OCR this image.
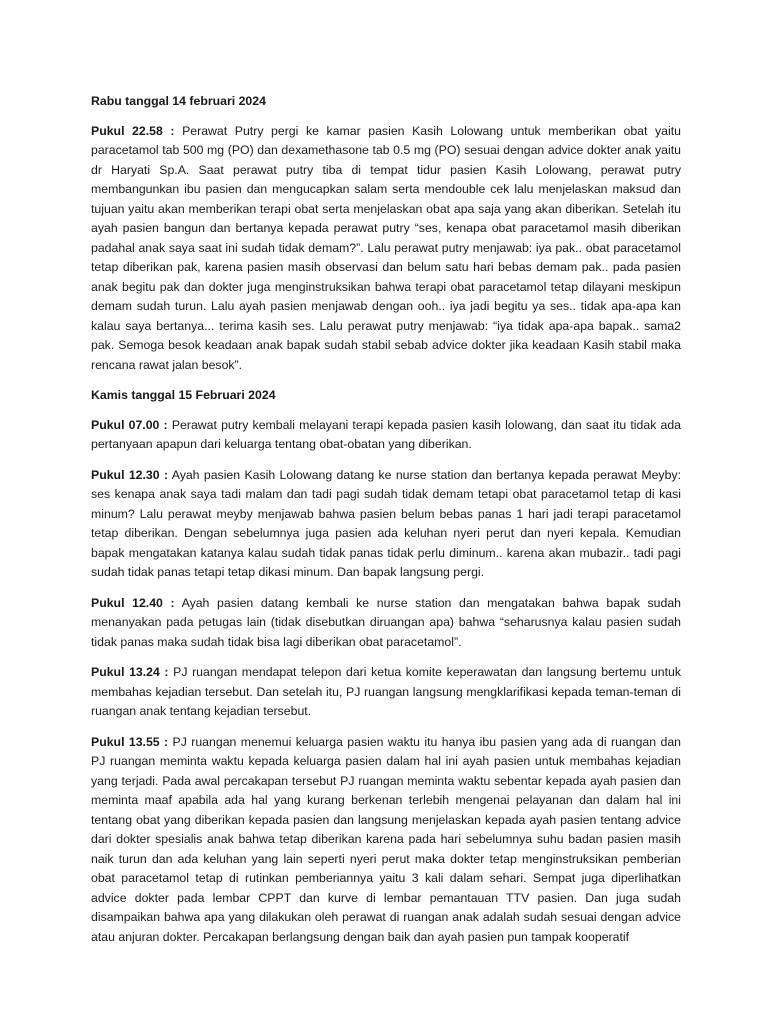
Rabu tanggal 14 februari 2024

Pukul 22.58 : Perawat Putry pergi ke kamar pasien Kasih Lolowang untuk memberikan obat yaitu paracetamol tab 500 mg (PO) dan dexamethasone tab 0.5 mg (PO) sesuai dengan advice dokter anak yaitu dr Haryati Sp.A. Saat perawat putry tiba di tempat tidur pasien Kasih Lolowang, perawat putry membangunkan ibu pasien dan mengucapkan salam serta mendouble cek lalu menjelaskan maksud dan tujuan yaitu akan memberikan terapi obat serta menjelaskan obat apa saja yang akan diberikan. Setelah itu ayah pasien bangun dan bertanya kepada perawat putry “ses, kenapa obat paracetamol masih diberikan padahal anak saya saat ini sudah tidak demam?”. Lalu perawat putry menjawab: iya pak.. obat paracetamol tetap diberikan pak, karena pasien masih observasi dan belum satu hari bebas demam pak.. pada pasien anak begitu pak dan dokter juga menginstruksikan bahwa terapi obat paracetamol tetap dilayani meskipun demam sudah turun. Lalu ayah pasien menjawab dengan ooh.. iya jadi begitu ya ses.. tidak apa-apa kan kalau saya bertanya... terima kasih ses. Lalu perawat putry menjawab: “iya tidak apa-apa bapak.. sama2 pak. Semoga besok keadaan anak bapak sudah stabil sebab advice dokter jika keadaan Kasih stabil maka rencana rawat jalan besok”.

Kamis tanggal 15 Februari 2024

Pukul 07.00 : Perawat putry kembali melayani terapi kepada pasien kasih lolowang, dan saat itu tidak ada pertanyaan apapun dari keluarga tentang obat-obatan yang diberikan.

Pukul 12.30 : Ayah pasien Kasih Lolowang datang ke nurse station dan bertanya kepada perawat Meyby: ses kenapa anak saya tadi malam dan tadi pagi sudah tidak demam tetapi obat paracetamol tetap di kasi minum? Lalu perawat meyby menjawab bahwa pasien belum bebas panas 1 hari jadi terapi paracetamol tetap diberikan. Dengan sebelumnya juga pasien ada keluhan nyeri perut dan nyeri kepala. Kemudian bapak mengatakan katanya kalau sudah tidak panas tidak perlu diminum.. karena akan mubazir.. tadi pagi sudah tidak panas tetapi tetap dikasi minum. Dan bapak langsung pergi.

Pukul 12.40 : Ayah pasien datang kembali ke nurse station dan mengatakan bahwa bapak sudah menanyakan pada petugas lain (tidak disebutkan diruangan apa) bahwa “seharusnya kalau pasien sudah tidak panas maka sudah tidak bisa lagi diberikan obat paracetamol”.

Pukul 13.24 : PJ ruangan mendapat telepon dari ketua komite keperawatan dan langsung bertemu untuk membahas kejadian tersebut. Dan setelah itu, PJ ruangan langsung mengklarifikasi kepada teman-teman di ruangan anak tentang kejadian tersebut.

Pukul 13.55 : PJ ruangan menemui keluarga pasien waktu itu hanya ibu pasien yang ada di ruangan dan PJ ruangan meminta waktu kepada keluarga pasien dalam hal ini ayah pasien untuk membahas kejadian yang terjadi. Pada awal percakapan tersebut PJ ruangan meminta waktu sebentar kepada ayah pasien dan meminta maaf apabila ada hal yang kurang berkenan terlebih mengenai pelayanan dan dalam hal ini tentang obat yang diberikan kepada pasien dan langsung menjelaskan kepada ayah pasien tentang advice dari dokter spesialis anak bahwa tetap diberikan karena pada hari sebelumnya suhu badan pasien masih naik turun dan ada keluhan yang lain seperti nyeri perut maka dokter tetap menginstruksikan pemberian obat paracetamol tetap di rutinkan pemberiannya yaitu 3 kali dalam sehari. Sempat juga diperlihatkan advice dokter pada lembar CPPT dan kurve di lembar pemantauan TTV pasien. Dan juga sudah disampaikan bahwa apa yang dilakukan oleh perawat di ruangan anak adalah sudah sesuai dengan advice atau anjuran dokter. Percakapan berlangsung dengan baik dan ayah pasien pun tampak kooperatif
